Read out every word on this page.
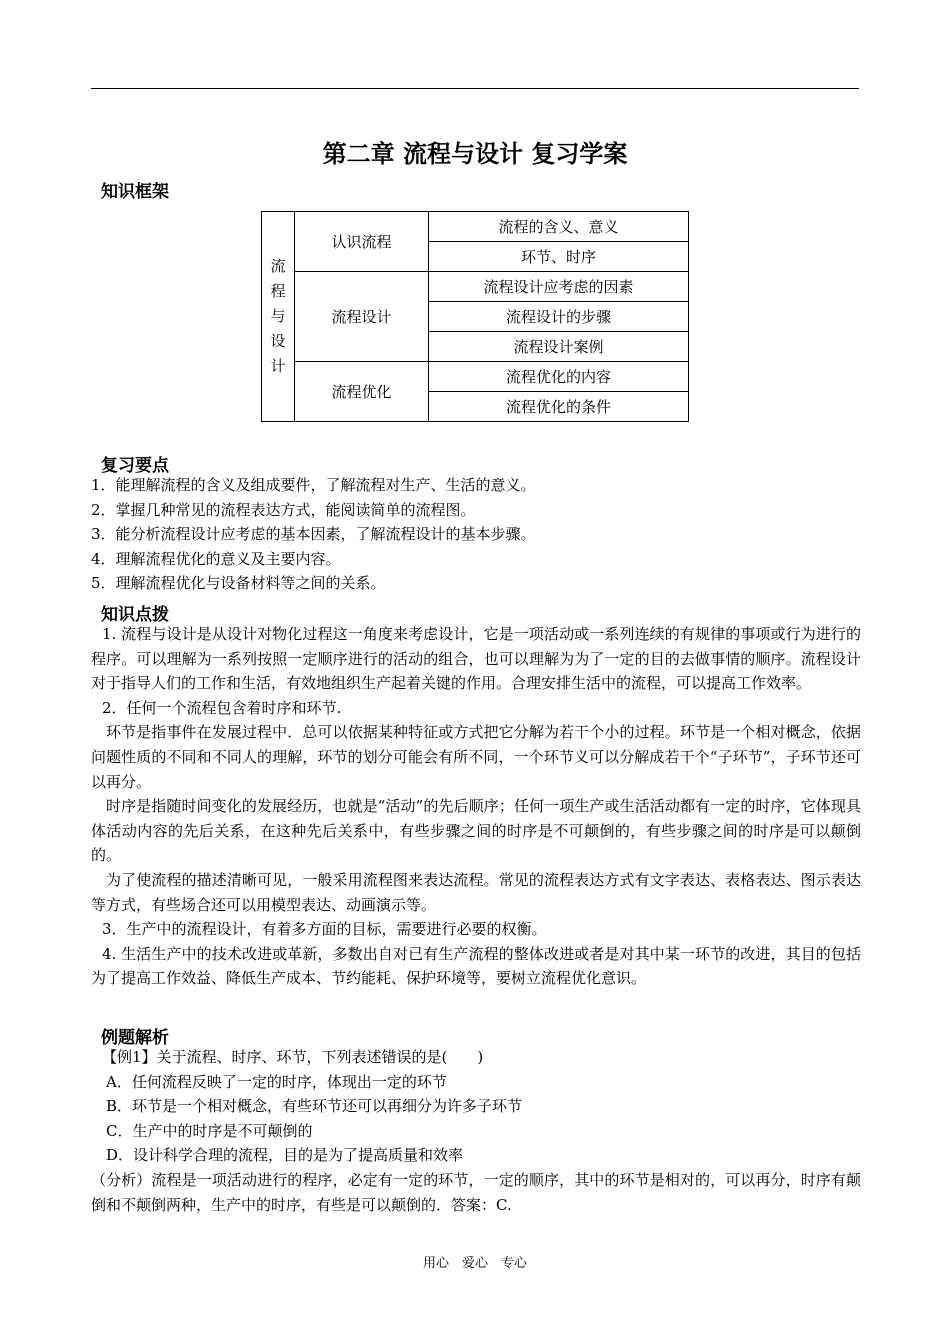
第二章 流程与设计 复习学案
知识框架
流
程
与
设
计	认识流程	流程的含义、意义
		环节、时序
	流程设计	流程设计应考虑的因素
		流程设计的步骤
		流程设计案例
	流程优化	流程优化的内容
		流程优化的条件
复习要点

1．能理解流程的含义及组成要件，了解流程对生产、生活的意义。

2．掌握几种常见的流程表达方式，能阅读简单的流程图。

3．能分析流程设计应考虑的基本因素，了解流程设计的基本步骤。

4．理解流程优化的意义及主要内容。

5．理解流程优化与设备材料等之间的关系。

知识点拨

1. 流程与设计是从设计对物化过程这一角度来考虑设计，它是一项活动或一系列连续的有规律的事项或行为进行的程序。可以理解为一系列按照一定顺序进行的活动的组合，也可以理解为为了一定的目的去做事情的顺序。流程设计对于指导人们的工作和生活，有效地组织生产起着关键的作用。合理安排生活中的流程，可以提高工作效率。

2．任何一个流程包含着时序和环节.

环节是指事件在发展过程中．总可以依据某种特征或方式把它分解为若干个小的过程。环节是一个相对概念，依据问题性质的不同和不同人的理解，环节的划分可能会有所不同，一个环节义可以分解成若干个“子环节”，子环节还可以再分。

时序是指随时间变化的发展经历，也就是“活动”的先后顺序；任何一项生产或生活活动都有一定的时序，它体现具体活动内容的先后关系，在这种先后关系中，有些步骤之间的时序是不可颠倒的，有些步骤之间的时序是可以颠倒的。

为了使流程的描述清晰可见，一般采用流程图来表达流程。常见的流程表达方式有文字表达、表格表达、图示表达等方式，有些场合还可以用模型表达、动画演示等。

3．生产中的流程设计，有着多方面的目标，需要进行必要的权衡。

4. 生活生产中的技术改进或革新，多数出自对已有生产流程的整体改进或者是对其中某一环节的改进，其目的包括为了提高工作效益、降低生产成本、节约能耗、保护环境等，要树立流程优化意识。

例题解析

【例1】关于流程、时序、环节，下列表述错误的是(　　)

A．任何流程反映了一定的时序，体现出一定的环节

B．环节是一个相对概念，有些环节还可以再细分为许多子环节

C．生产中的时序是不可颠倒的

D．设计科学合理的流程，目的是为了提高质量和效率

（分析）流程是一项活动进行的程序，必定有一定的环节，一定的顺序，其中的环节是相对的，可以再分，时序有颠倒和不颠倒两种，生产中的时序，有些是可以颠倒的．答案：C.

用心　爱心　专心
